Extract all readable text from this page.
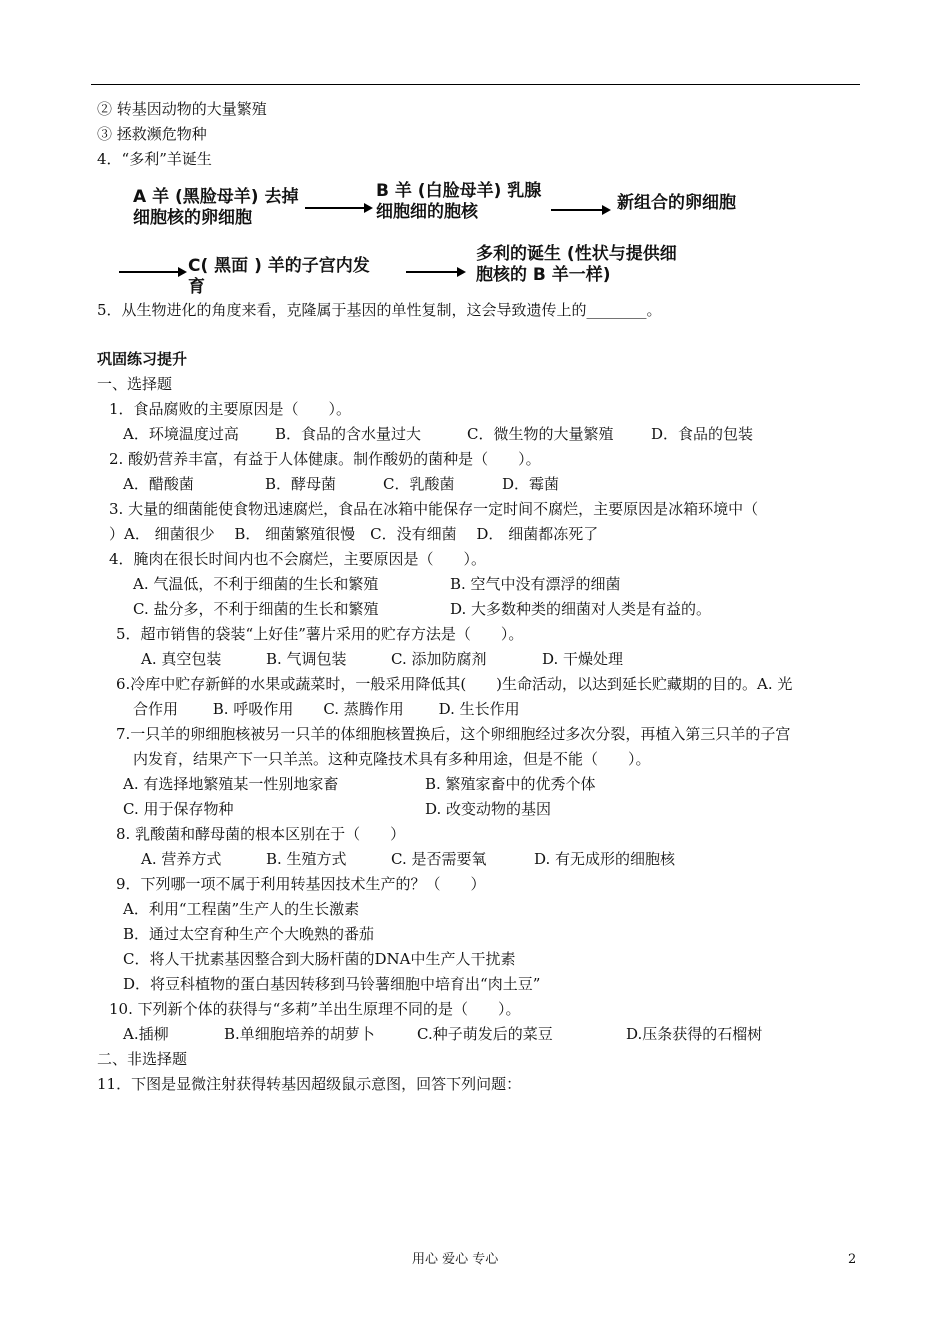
② 转基因动物的大量繁殖
③ 拯救濒危物种
4．“多利”羊诞生
A 羊 (黑脸母羊) 去掉
细胞核的卵细胞
B 羊 (白脸母羊) 乳腺
细胞细的胞核	新组合的卵细胞
C( 黑面 ) 羊的子宫内发
育
多利的诞生 (性状与提供细
胞核的 B 羊一样)
5．从生物进化的角度来看，克隆属于基因的单性复制，这会导致遗传上的________。
巩固练习提升
一、选择题
1．食品腐败的主要原因是（　　）。
A．环境温度过高 B．食品的含水量过大	C．微生物的大量繁殖	D．食品的包装
2. 酸奶营养丰富，有益于人体健康。制作酸奶的菌种是（　　）。
A．醋酸菌	B．酵母菌	C．乳酸菌	D．霉菌
3. 大量的细菌能使食物迅速腐烂，食品在冰箱中能保存一定时间不腐烂，主要原因是冰箱环境中（
）A． 细菌很少　 B． 细菌繁殖很慢　C．没有细菌　 D． 细菌都冻死了
4．腌肉在很长时间内也不会腐烂，主要原因是（　　）。
A. 气温低，不利于细菌的生长和繁殖	B. 空气中没有漂浮的细菌
C. 盐分多，不利于细菌的生长和繁殖	D. 大多数种类的细菌对人类是有益的。
5．超市销售的袋装“上好佳”薯片采用的贮存方法是（　　）。
A. 真空包装	B. 气调包装	C. 添加防腐剂	D. 干燥处理
6.冷库中贮存新鲜的水果或蔬菜时，一般采用降低其(　　)生命活动，以达到延长贮藏期的目的。A. 光
合作用　　 B. 呼吸作用　　C. 蒸腾作用　　 D. 生长作用
7.一只羊的卵细胞核被另一只羊的体细胞核置换后，这个卵细胞经过多次分裂，再植入第三只羊的子宫
内发育，结果产下一只羊羔。这种克隆技术具有多种用途，但是不能（　　）。
A. 有选择地繁殖某一性别地家畜	B. 繁殖家畜中的优秀个体
C. 用于保存物种	D. 改变动物的基因
8. 乳酸菌和酵母菌的根本区别在于（　　）
A. 营养方式	B. 生殖方式	C. 是否需要氧	D. 有无成形的细胞核
9．下列哪一项不属于利用转基因技术生产的？（　　）
A．利用“工程菌”生产人的生长激素
B．通过太空育种生产个大晚熟的番茄
C．将人干扰素基因整合到大肠杆菌的DNA中生产人干扰素
D．将豆科植物的蛋白基因转移到马铃薯细胞中培育出“肉土豆”
10. 下列新个体的获得与“多莉”羊出生原理不同的是（　　）。
A.插柳	B.单细胞培养的胡萝卜	C.种子萌发后的菜豆	D.压条获得的石榴树
二、非选择题
11．下图是显微注射获得转基因超级鼠示意图，回答下列问题：
用心 爱心 专心	2
